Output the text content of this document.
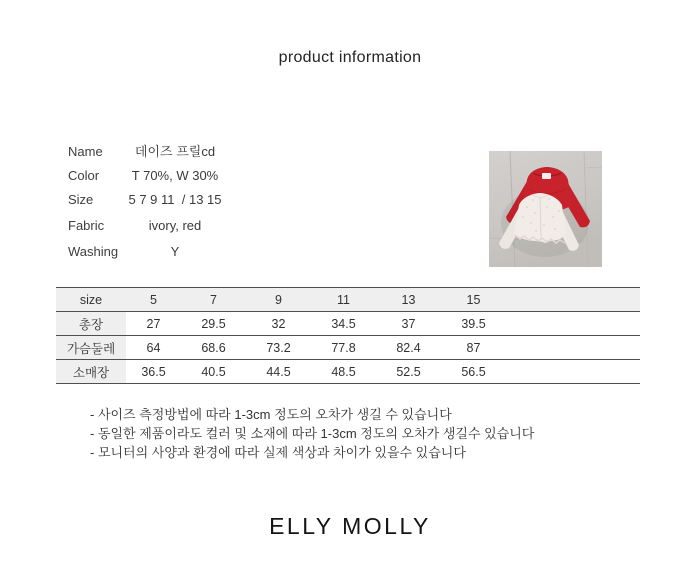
product information
Name	데이즈 프릴cd
Color	T 70%, W 30%
Size	5 7 9 11  / 13 15
Fabric	ivory, red
Washing	Y
size	5	7	9	11	13	15	
총장	27	29.5	32	34.5	37	39.5	
가슴둘레	64	68.6	73.2	77.8	82.4	87	
소매장	36.5	40.5	44.5	48.5	52.5	56.5	
- 사이즈 측정방법에 따라 1-3cm 정도의 오차가 생길 수 있습니다
- 동일한 제품이라도 컬러 및 소재에 따라 1-3cm 정도의 오차가 생길수 있습니다
- 모니터의 사양과 환경에 따라 실제 색상과 차이가 있을수 있습니다
ELLY MOLLY
